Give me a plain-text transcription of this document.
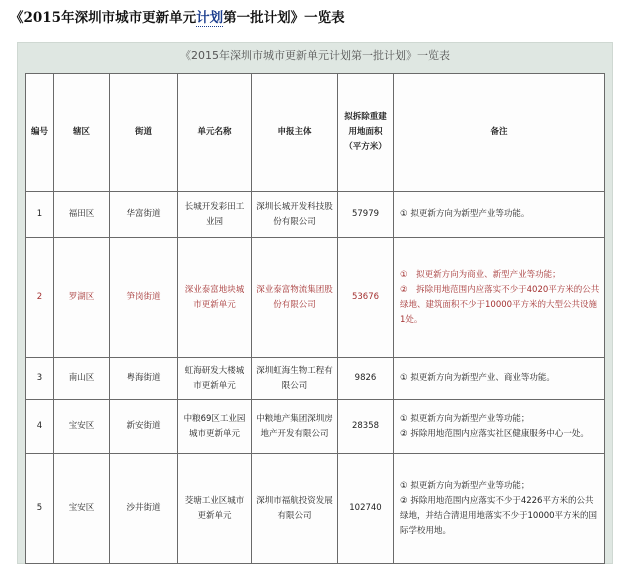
《2015年深圳市城市更新单元计划第一批计划》一览表
《2015年深圳市城市更新单元计划第一批计划》一览表
编号	辖区	街道	单元名称	申报主体	拟拆除重建用地面积（平方米）	备注
1	福田区	华富街道	长城开发彩田工业园	深圳长城开发科技股份有限公司	57979	① 拟更新方向为新型产业等功能。

2	罗湖区	笋岗街道	深业泰富地块城市更新单元	深业泰富物流集团股份有限公司	53676	①　拟更新方向为商业、新型产业等功能；
②　拆除用地范围内应落实不少于4020平方米的公共绿地、建筑面积不少于10000平方米的大型公共设施1处。

3	南山区	粤海街道	虹海研发大楼城市更新单元	深圳虹海生物工程有限公司	9826	① 拟更新方向为新型产业、商业等功能。

4	宝安区	新安街道	中粮69区工业园城市更新单元	中粮地产集团深圳房地产开发有限公司	28358	① 拟更新方向为新型产业等功能；
② 拆除用地范围内应落实社区健康服务中心一处。

5	宝安区	沙井街道	茭塘工业区城市更新单元	深圳市福航投资发展有限公司	102740	① 拟更新方向为新型产业等功能；
② 拆除用地范围内应落实不少于4226平方米的公共绿地，并结合清退用地落实不少于10000平方米的国际学校用地。
